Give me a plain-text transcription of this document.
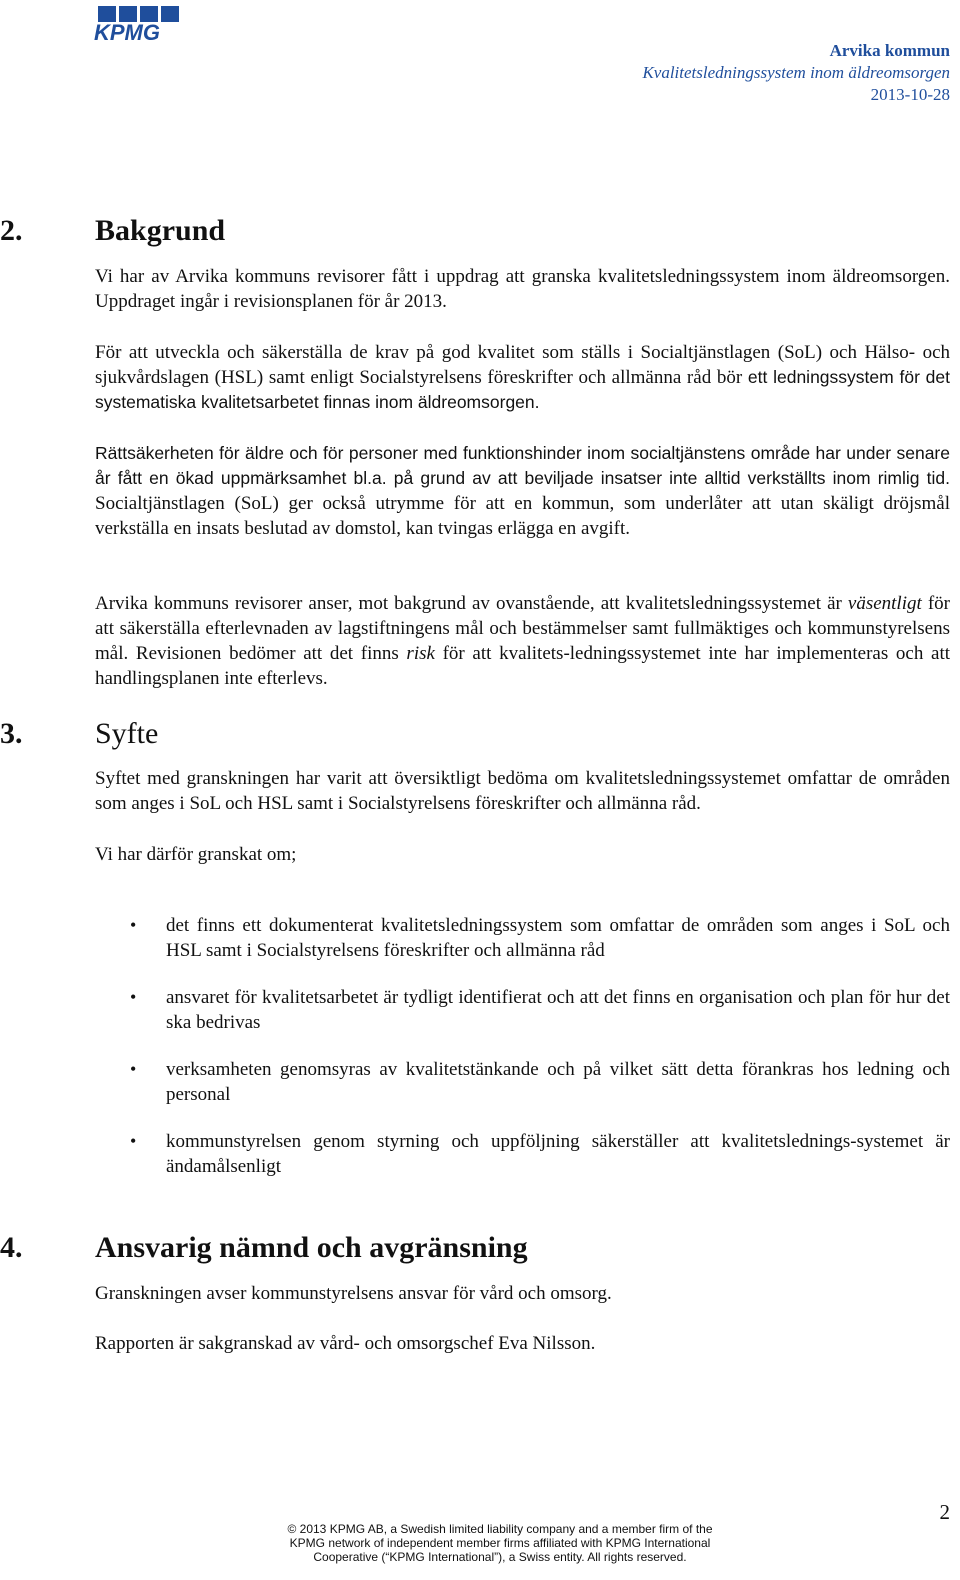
KPMG
Arvika kommun
Kvalitetsledningssystem inom äldreomsorgen
2013-10-28
2. Bakgrund

Vi har av Arvika kommuns revisorer fått i uppdrag att granska kvalitetsledningssystem inom äldreomsorgen. Uppdraget ingår i revisionsplanen för år 2013.

För att utveckla och säkerställa de krav på god kvalitet som ställs i Socialtjänstlagen (SoL) och Hälso- och sjukvårdslagen (HSL) samt enligt Socialstyrelsens föreskrifter och allmänna råd bör ett ledningssystem för det systematiska kvalitetsarbetet finnas inom äldreomsorgen.

Rättsäkerheten för äldre och för personer med funktionshinder inom socialtjänstens område har under senare år fått en ökad uppmärksamhet bl.a. på grund av att beviljade insatser inte alltid verkställts inom rimlig tid. Socialtjänstlagen (SoL) ger också utrymme för att en kommun, som underlåter att utan skäligt dröjsmål verkställa en insats beslutad av domstol, kan tvingas erlägga en avgift.

Arvika kommuns revisorer anser, mot bakgrund av ovanstående, att kvalitetsledningssystemet är väsentligt för att säkerställa efterlevnaden av lagstiftningens mål och bestämmelser samt fullmäktiges och kommunstyrelsens mål. Revisionen bedömer att det finns risk för att kvalitets-ledningssystemet inte har implementeras och att handlingsplanen inte efterlevs.

3. Syfte

Syftet med granskningen har varit att översiktligt bedöma om kvalitetsledningssystemet omfattar de områden som anges i SoL och HSL samt i Socialstyrelsens föreskrifter och allmänna råd.

Vi har därför granskat om;

• det finns ett dokumenterat kvalitetsledningssystem som omfattar de områden som anges i SoL och HSL samt i Socialstyrelsens föreskrifter och allmänna råd
• ansvaret för kvalitetsarbetet är tydligt identifierat och att det finns en organisation och plan för hur det ska bedrivas
• verksamheten genomsyras av kvalitetstänkande och på vilket sätt detta förankras hos ledning och personal
• kommunstyrelsen genom styrning och uppföljning säkerställer att kvalitetslednings-systemet är ändamålsenligt
4. Ansvarig nämnd och avgränsning

Granskningen avser kommunstyrelsens ansvar för vård och omsorg.

Rapporten är sakgranskad av vård- och omsorgschef Eva Nilsson.

2
© 2013 KPMG AB, a Swedish limited liability company and a member firm of the
KPMG network of independent member firms affiliated with KPMG International
Cooperative (“KPMG International”), a Swiss entity. All rights reserved.
